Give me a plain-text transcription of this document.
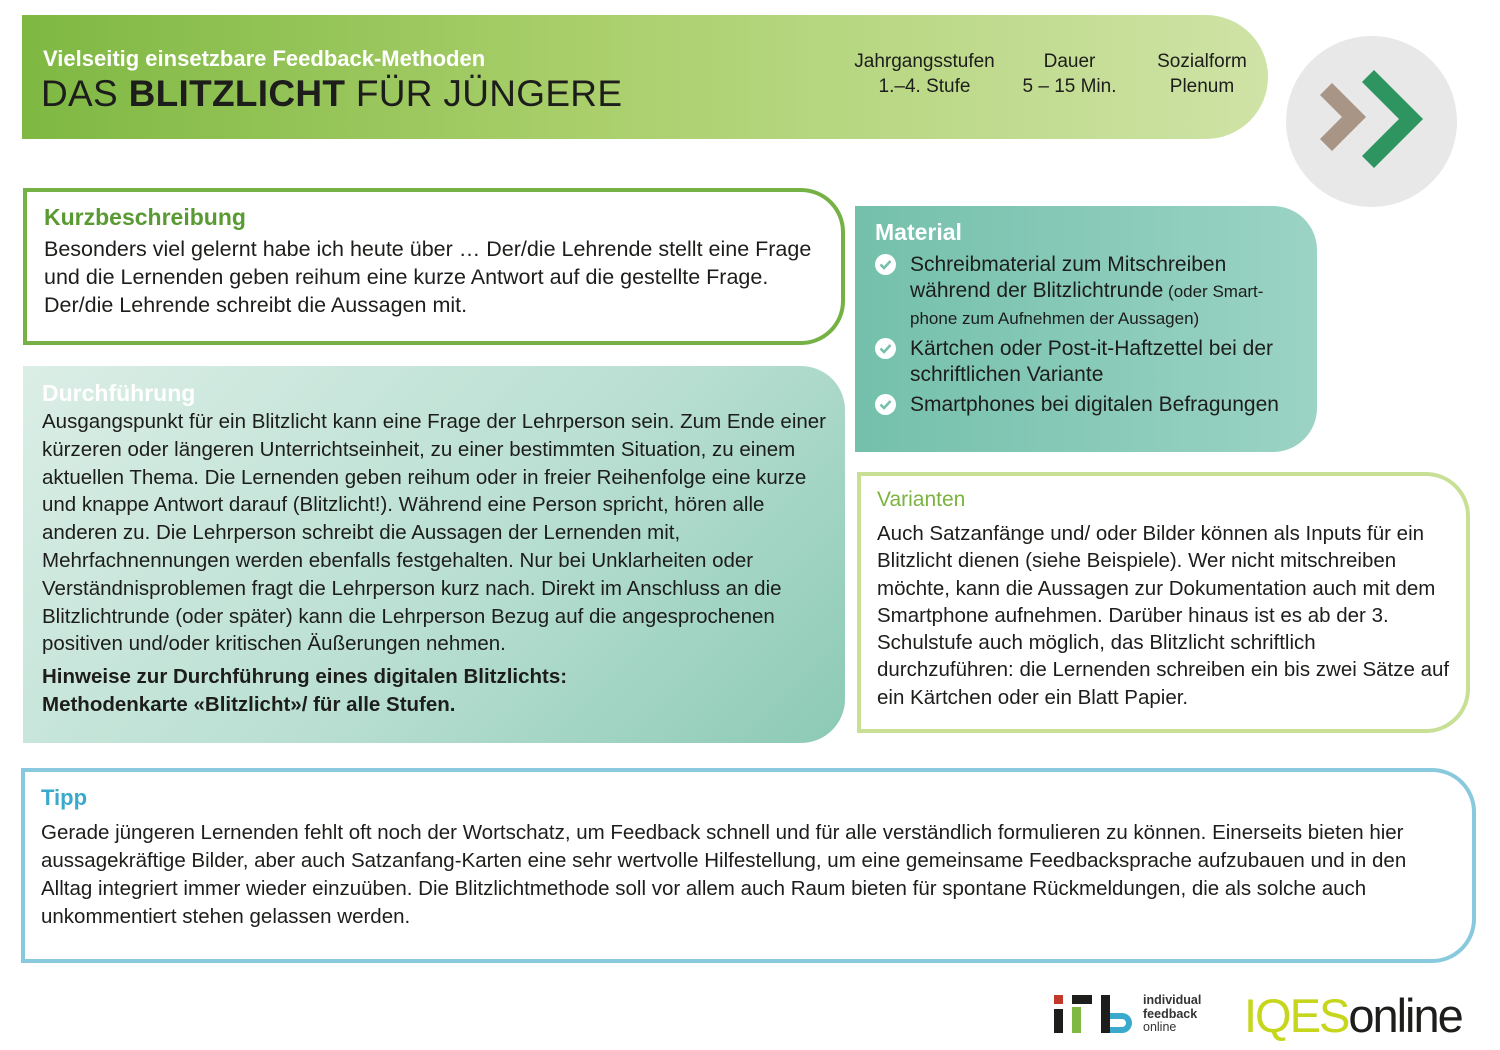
Vielseitig einsetzbare Feedback-Methoden
DAS BLITZLICHT FÜR JÜNGERE
Jahrgangsstufen
1.–4. Stufe
Dauer
5 – 15 Min.
Sozialform
Plenum
Kurzbeschreibung

Besonders viel gelernt habe ich heute über … Der/die Lehrende stellt eine Frage und die Lernenden geben reihum eine kurze Antwort auf die gestellte Frage. Der/die Lehrende schreibt die Aussagen mit.

Durchführung

Ausgangspunkt für ein Blitzlicht kann eine Frage der Lehrperson sein. Zum Ende einer kürzeren oder längeren Unterrichtseinheit, zu einer bestimmten Situation, zu einem aktuellen Thema. Die Lernenden geben reihum oder in freier Reihenfolge eine kurze und knappe Antwort darauf (Blitzlicht!). Während eine Person spricht, hören alle anderen zu. Die Lehrperson schreibt die Aussagen der Lernenden mit, Mehrfachnennungen werden ebenfalls festgehalten. Nur bei Unklarheiten oder Verständnisproblemen fragt die Lehrperson kurz nach. Direkt im Anschluss an die Blitzlichtrunde (oder später) kann die Lehrperson Bezug auf die angesprochenen positiven und/oder kritischen Äußerungen nehmen.

Hinweise zur Durchführung eines digitalen Blitzlichts:
Methodenkarte «Blitzlicht»/ für alle Stufen.
Material
Schreibmaterial zum Mitschreiben während der Blitzlichtrunde (oder Smartphone zum Aufnehmen der Aussagen)
Kärtchen oder Post-it-Haftzettel bei der schriftlichen Variante
Smartphones bei digitalen Befragungen
Varianten

Auch Satzanfänge und/ oder Bilder können als Inputs für ein Blitzlicht dienen (siehe Beispiele). Wer nicht mitschreiben möchte, kann die Aussagen zur Dokumentation auch mit dem Smartphone aufnehmen. Darüber hinaus ist es ab der 3. Schulstufe auch möglich, das Blitzlicht schriftlich durchzuführen: die Lernenden schreiben ein bis zwei Sätze auf ein Kärtchen oder ein Blatt Papier.

Tipp

Gerade jüngeren Lernenden fehlt oft noch der Wortschatz, um Feedback schnell und für alle verständlich formulieren zu können. Einerseits bieten hier aussagekräftige Bilder, aber auch Satzanfang-Karten eine sehr wertvolle Hilfestellung, um eine gemeinsame Feedbacksprache aufzubauen und in den Alltag integriert immer wieder einzuüben. Die Blitzlichtmethode soll vor allem auch Raum bieten für spontane Rückmeldungen, die als solche auch unkommentiert stehen gelassen werden.

individual
feedback
online	IQESonline
